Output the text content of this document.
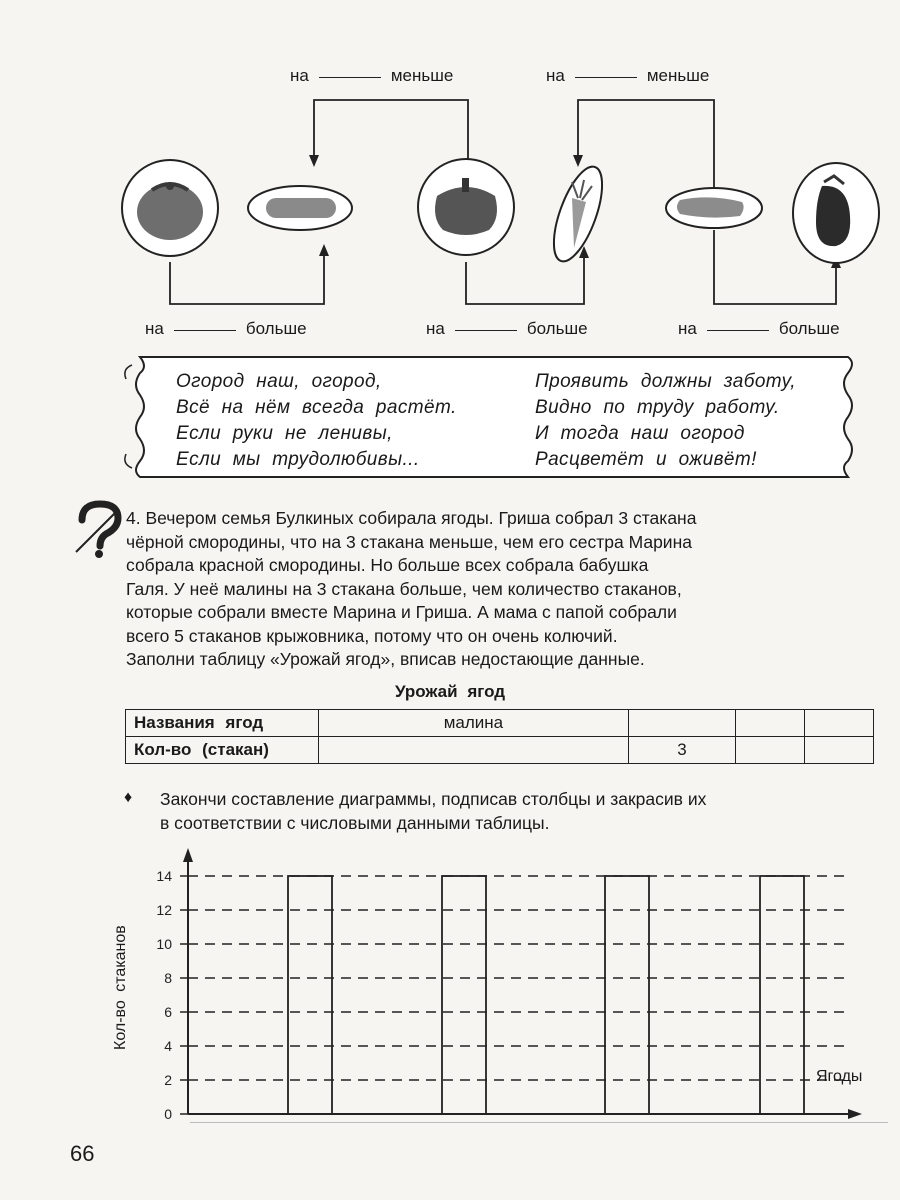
на	меньше	на	меньше
на	больше	на	больше	на	больше
Огород наш, огород,
Всё на нём всегда растёт.
Если руки не ленивы,
Если мы трудолюбивы...
Проявить должны заботу,
Видно по труду работу.
И тогда наш огород
Расцветёт и оживёт!
4. Вечером семья Булкиных собирала ягоды. Гриша собрал 3 стакана
чёрной смородины, что на 3 стакана меньше, чем его сестра Марина
собрала красной смородины. Но больше всех собрала бабушка
Галя. У неё малины на 3 стакана больше, чем количество стаканов,
которые собрали вместе Марина и Гриша. А мама с папой собрали
всего 5 стаканов крыжовника, потому что он очень колючий.
Заполни таблицу «Урожай ягод», вписав недостающие данные.
Урожай ягод
Названия ягод	малина			
Кол-во (стакан)		3		
♦ Закончи составление диаграммы, подписав столбцы и закрасив их
в соответствии с числовыми данными таблицы.
0
2
4
6
8
10
12
14
Кол-во стаканов
Ягоды
66
